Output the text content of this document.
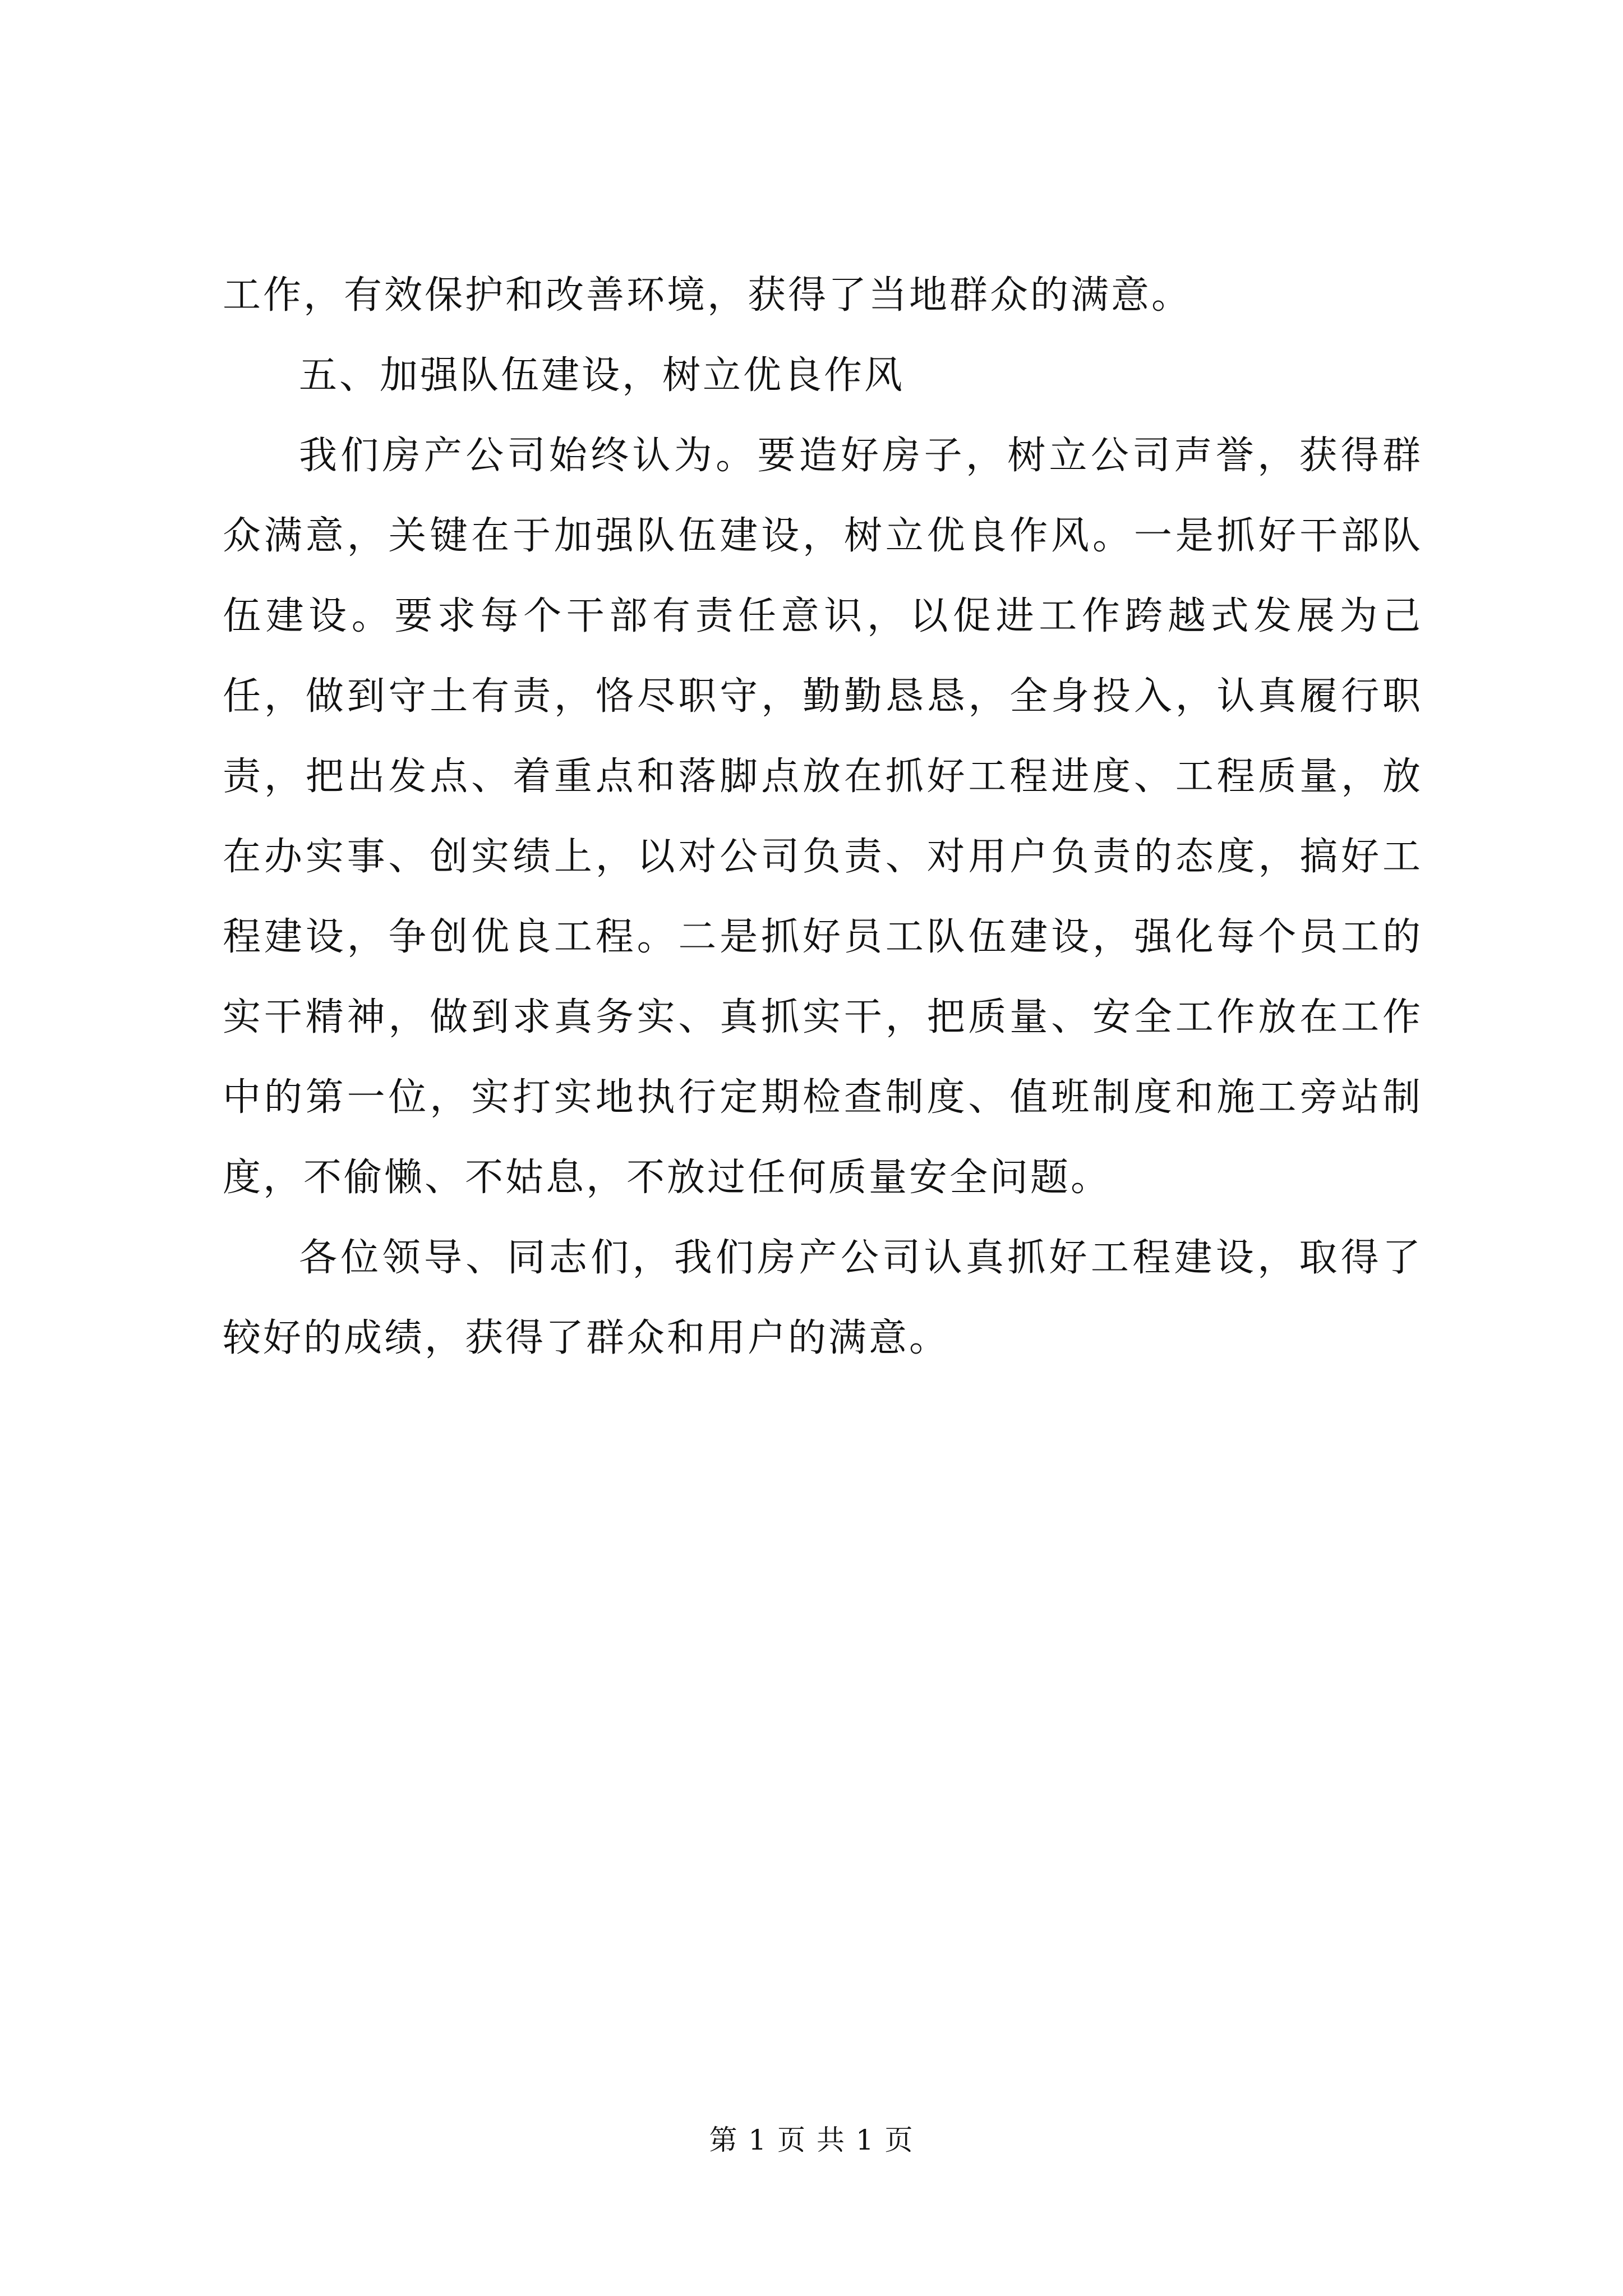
工作，有效保护和改善环境，获得了当地群众的满意。

五、加强队伍建设，树立优良作风

我们房产公司始终认为。要造好房子，树立公司声誉，获得群众满意，关键在于加强队伍建设，树立优良作风。一是抓好干部队伍建设。要求每个干部有责任意识，以促进工作跨越式发展为己任，做到守土有责，恪尽职守，勤勤恳恳，全身投入，认真履行职责，把出发点、着重点和落脚点放在抓好工程进度、工程质量，放在办实事、创实绩上，以对公司负责、对用户负责的态度，搞好工程建设，争创优良工程。二是抓好员工队伍建设，强化每个员工的实干精神，做到求真务实、真抓实干，把质量、安全工作放在工作中的第一位，实打实地执行定期检查制度、值班制度和施工旁站制度，不偷懒、不姑息，不放过任何质量安全问题。

各位领导、同志们，我们房产公司认真抓好工程建设，取得了较好的成绩，获得了群众和用户的满意。

第 1 页 共 1 页
